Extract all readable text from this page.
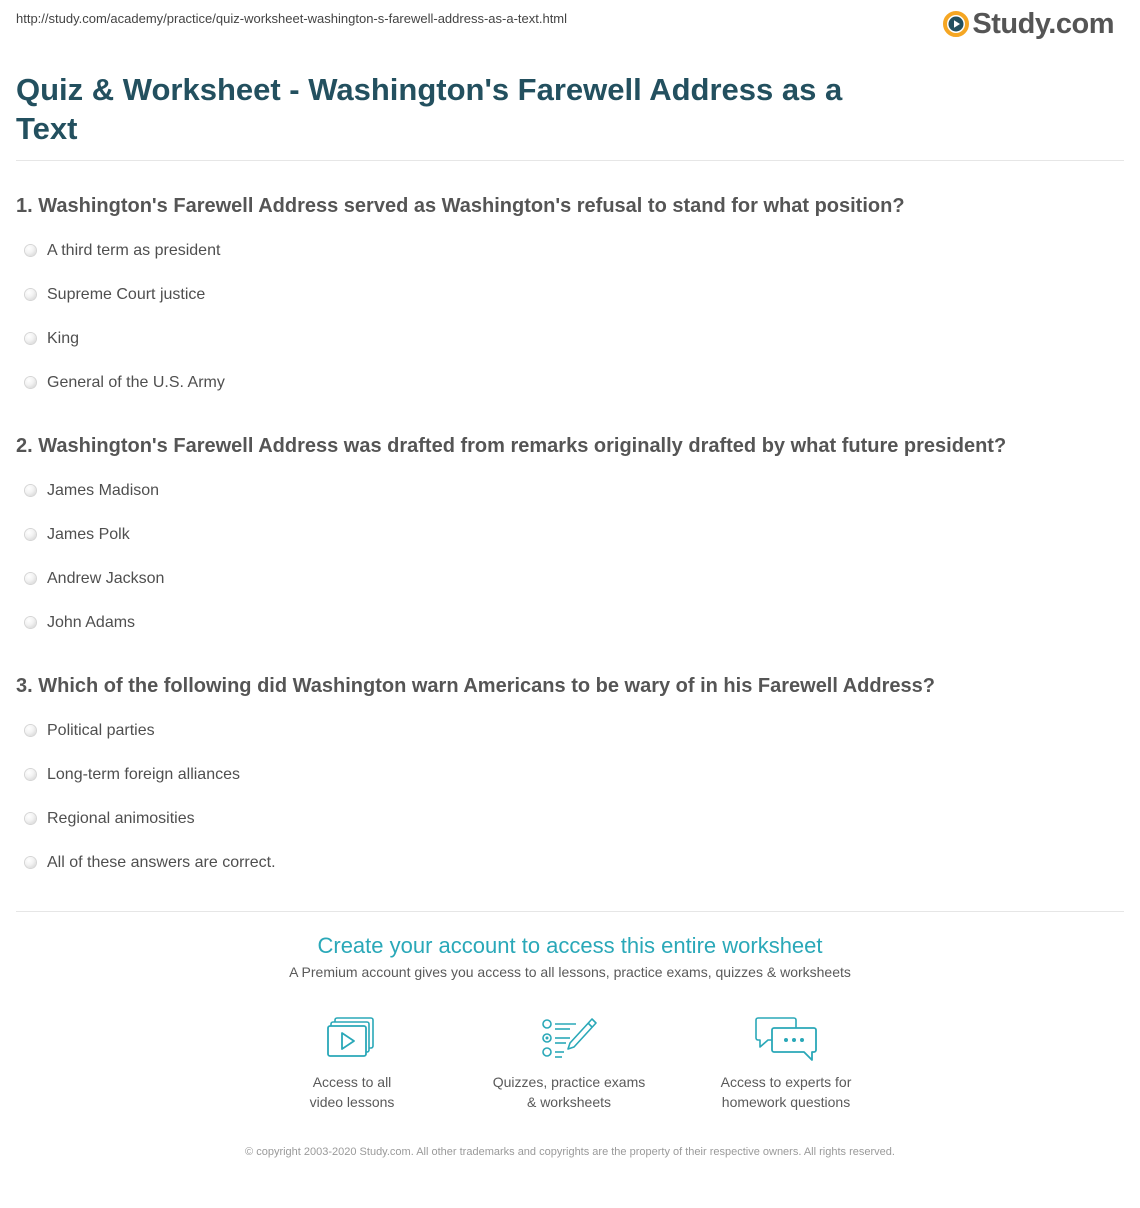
http://study.com/academy/practice/quiz-worksheet-washington-s-farewell-address-as-a-text.html	Study.com
Quiz & Worksheet - Washington's Farewell Address as a Text

1. Washington's Farewell Address served as Washington's refusal to stand for what position?

A third term as president
Supreme Court justice
King
General of the U.S. Army

2. Washington's Farewell Address was drafted from remarks originally drafted by what future president?

James Madison
James Polk
Andrew Jackson
John Adams

3. Which of the following did Washington warn Americans to be wary of in his Farewell Address?

Political parties
Long-term foreign alliances
Regional animosities
All of these answers are correct.
Create your account to access this entire worksheet
A Premium account gives you access to all lessons, practice exams, quizzes & worksheets
Access to all
video lessons
Quizzes, practice exams
& worksheets
Access to experts for
homework questions
© copyright 2003-2020 Study.com. All other trademarks and copyrights are the property of their respective owners. All rights reserved.
